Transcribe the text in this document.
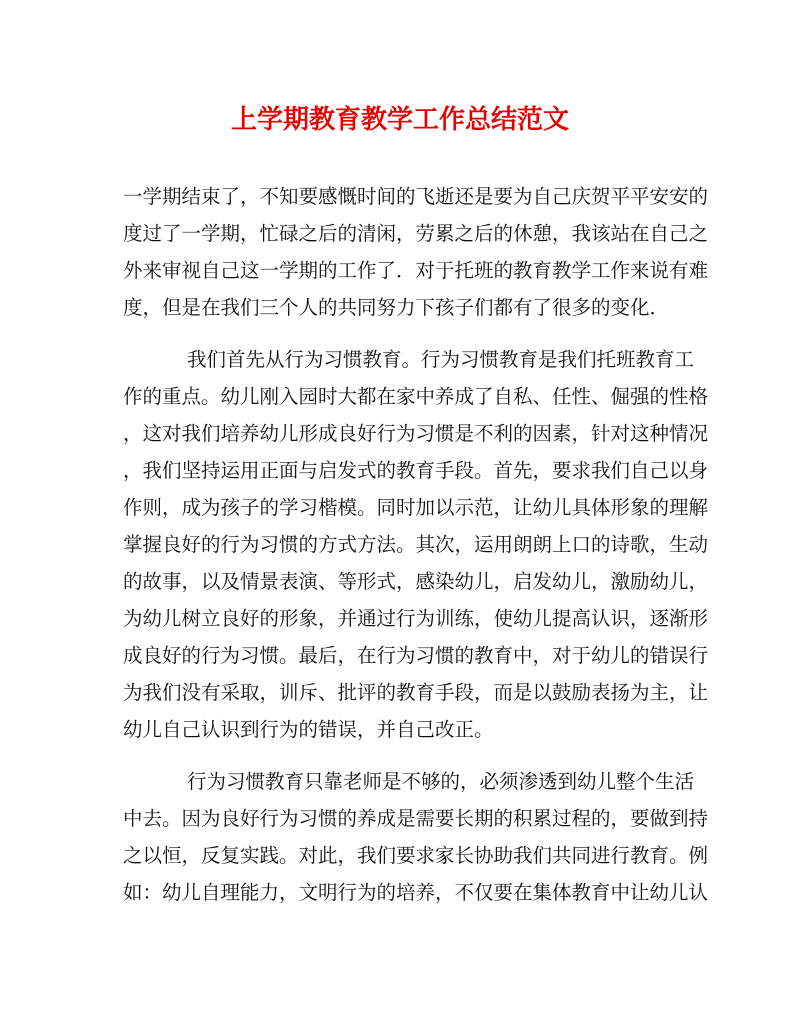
上学期教育教学工作总结范文
一学期结束了，不知要感慨时间的飞逝还是要为自己庆贺平平安安的
度过了一学期，忙碌之后的清闲，劳累之后的休憩，我该站在自己之
外来审视自己这一学期的工作了．对于托班的教育教学工作来说有难
度，但是在我们三个人的共同努力下孩子们都有了很多的变化．
我们首先从行为习惯教育。行为习惯教育是我们托班教育工
作的重点。幼儿刚入园时大都在家中养成了自私、任性、倔强的性格
，这对我们培养幼儿形成良好行为习惯是不利的因素，针对这种情况
，我们坚持运用正面与启发式的教育手段。首先，要求我们自己以身
作则，成为孩子的学习楷模。同时加以示范，让幼儿具体形象的理解
掌握良好的行为习惯的方式方法。其次，运用朗朗上口的诗歌，生动
的故事，以及情景表演、等形式，感染幼儿，启发幼儿，激励幼儿，
为幼儿树立良好的形象，并通过行为训练，使幼儿提高认识，逐渐形
成良好的行为习惯。最后，在行为习惯的教育中，对于幼儿的错误行
为我们没有采取，训斥、批评的教育手段，而是以鼓励表扬为主，让
幼儿自己认识到行为的错误，并自己改正。
行为习惯教育只靠老师是不够的，必须渗透到幼儿整个生活
中去。因为良好行为习惯的养成是需要长期的积累过程的，要做到持
之以恒，反复实践。对此，我们要求家长协助我们共同进行教育。例
如：幼儿自理能力，文明行为的培养，不仅要在集体教育中让幼儿认
